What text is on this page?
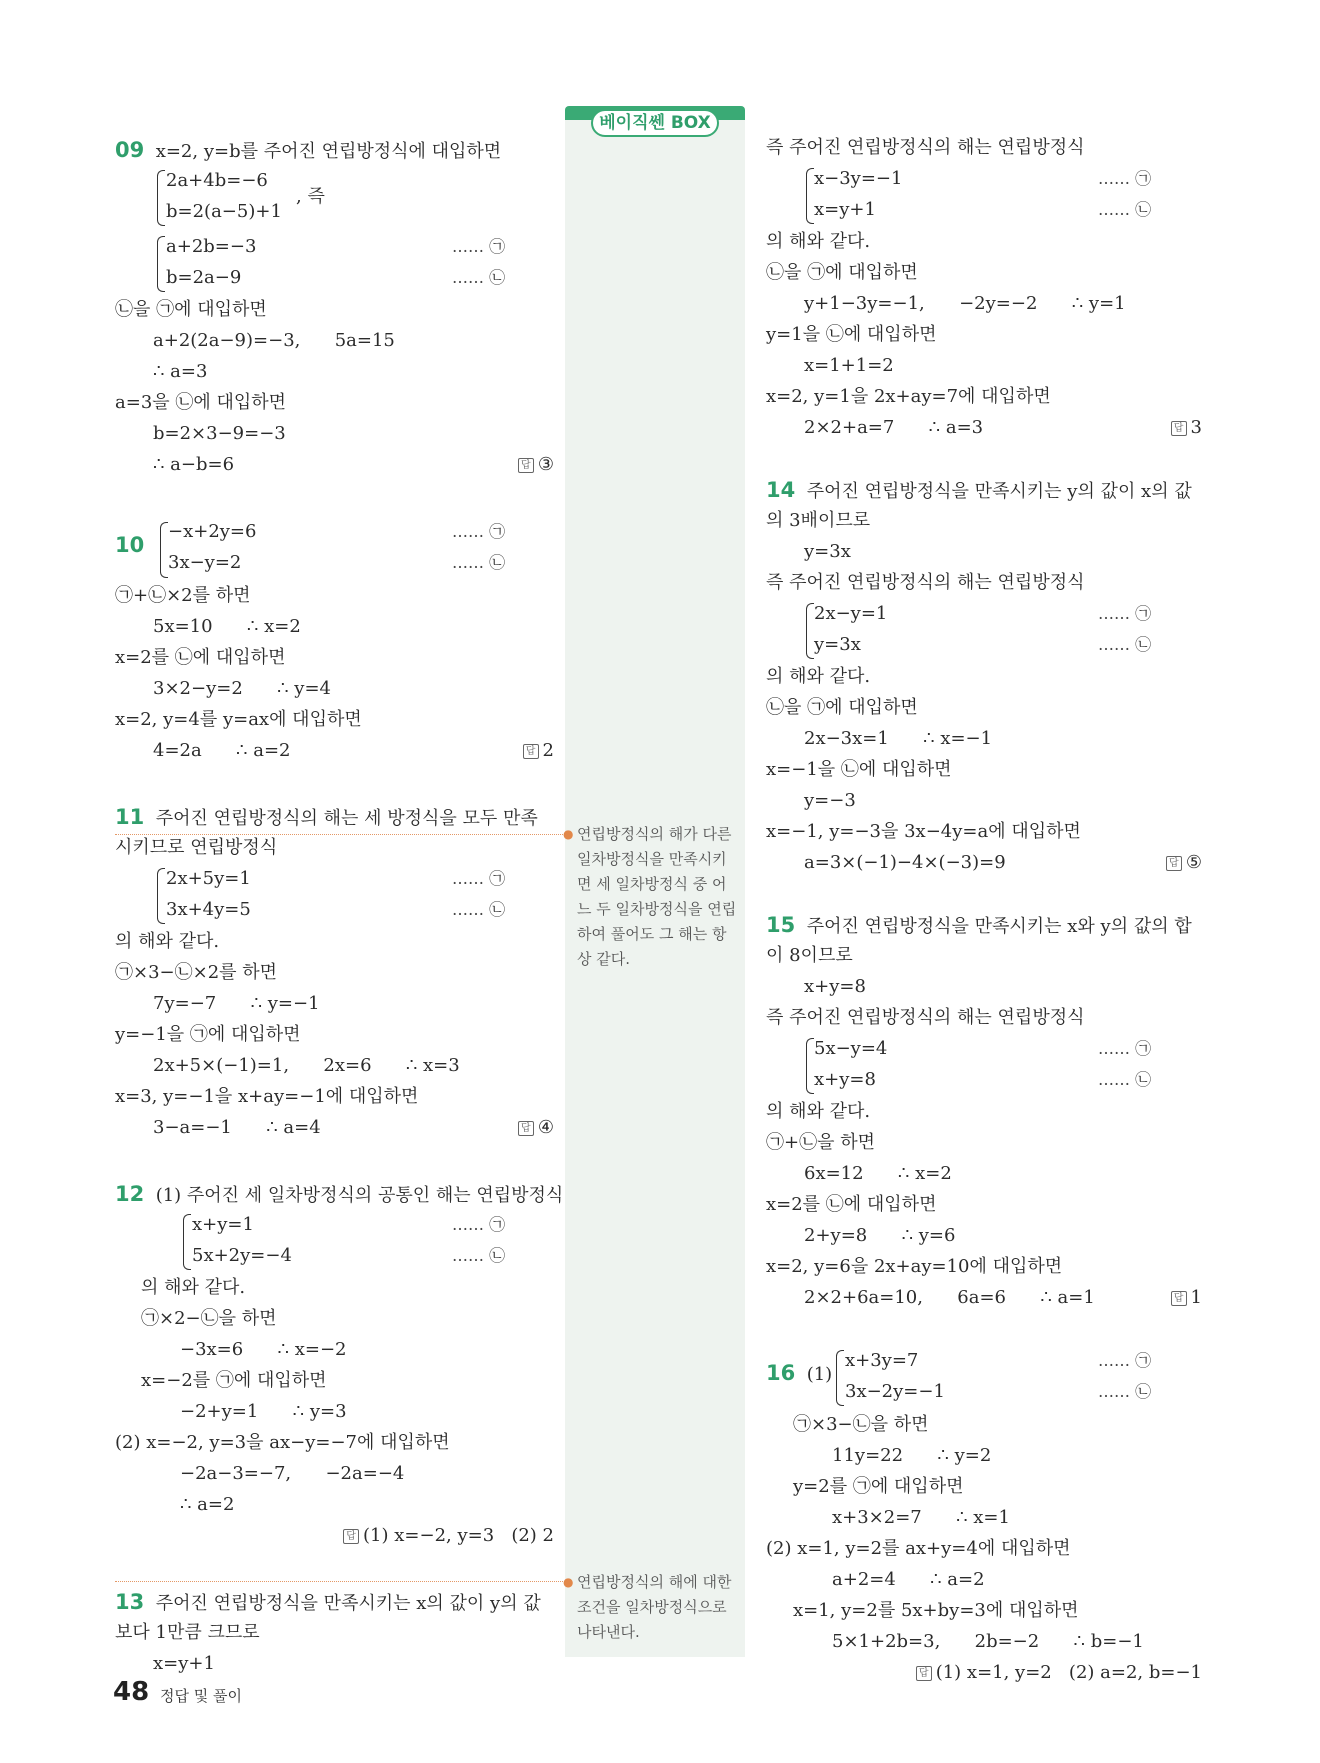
베이직쎈 BOX
● 연립방정식의 해가 다른 일차방정식을 만족시키면 세 일차방정식 중 어느 두 일차방정식을 연립하여 풀어도 그 해는 항상 같다.
● 연립방정식의 해에 대한 조건을 일차방정식으로 나타낸다.
09 x=2, y=b를 주어진 연립방정식에 대입하면
2a+4b=−6
b=2(a−5)+1
, 즉
a+2b=−3	…… ㉠
b=2a−9	…… ㉡
㉡을 ㉠에 대입하면
a+2(2a−9)=−3,      5a=15
∴ a=3
a=3을 ㉡에 대입하면
b=2×3−9=−3
∴ a−b=6	답 ③
10
−x+2y=6	…… ㉠
3x−y=2	…… ㉡
㉠+㉡×2를 하면
5x=10      ∴ x=2
x=2를 ㉡에 대입하면
3×2−y=2      ∴ y=4
x=2, y=4를 y=ax에 대입하면
4=2a      ∴ a=2	답 2
11 주어진 연립방정식의 해는 세 방정식을 모두 만족
시키므로 연립방정식
2x+5y=1	…… ㉠
3x+4y=5	…… ㉡
의 해와 같다.
㉠×3−㉡×2를 하면
7y=−7      ∴ y=−1
y=−1을 ㉠에 대입하면
2x+5×(−1)=1,      2x=6      ∴ x=3
x=3, y=−1을 x+ay=−1에 대입하면
3−a=−1      ∴ a=4	답 ④
12 (1) 주어진 세 일차방정식의 공통인 해는 연립방정식
x+y=1	…… ㉠
5x+2y=−4	…… ㉡
의 해와 같다.
㉠×2−㉡을 하면
−3x=6      ∴ x=−2
x=−2를 ㉠에 대입하면
−2+y=1      ∴ y=3
(2) x=−2, y=3을 ax−y=−7에 대입하면
−2a−3=−7,      −2a=−4
∴ a=2
답 (1) x=−2, y=3   (2) 2
13 주어진 연립방정식을 만족시키는 x의 값이 y의 값
보다 1만큼 크므로
x=y+1
즉 주어진 연립방정식의 해는 연립방정식
x−3y=−1	…… ㉠
x=y+1	…… ㉡
의 해와 같다.
㉡을 ㉠에 대입하면
y+1−3y=−1,      −2y=−2      ∴ y=1
y=1을 ㉡에 대입하면
x=1+1=2
x=2, y=1을 2x+ay=7에 대입하면
2×2+a=7      ∴ a=3	답 3
14 주어진 연립방정식을 만족시키는 y의 값이 x의 값
의 3배이므로
y=3x
즉 주어진 연립방정식의 해는 연립방정식
2x−y=1	…… ㉠
y=3x	…… ㉡
의 해와 같다.
㉡을 ㉠에 대입하면
2x−3x=1      ∴ x=−1
x=−1을 ㉡에 대입하면
y=−3
x=−1, y=−3을 3x−4y=a에 대입하면
a=3×(−1)−4×(−3)=9	답 ⑤
15 주어진 연립방정식을 만족시키는 x와 y의 값의 합
이 8이므로
x+y=8
즉 주어진 연립방정식의 해는 연립방정식
5x−y=4	…… ㉠
x+y=8	…… ㉡
의 해와 같다.
㉠+㉡을 하면
6x=12      ∴ x=2
x=2를 ㉡에 대입하면
2+y=8      ∴ y=6
x=2, y=6을 2x+ay=10에 대입하면
2×2+6a=10,      6a=6      ∴ a=1	답 1
16 (1)
x+3y=7	…… ㉠
3x−2y=−1	…… ㉡
㉠×3−㉡을 하면
11y=22      ∴ y=2
y=2를 ㉠에 대입하면
x+3×2=7      ∴ x=1
(2) x=1, y=2를 ax+y=4에 대입하면
a+2=4      ∴ a=2
x=1, y=2를 5x+by=3에 대입하면
5×1+2b=3,      2b=−2      ∴ b=−1
답 (1) x=1, y=2   (2) a=2, b=−1
48 정답 및 풀이
